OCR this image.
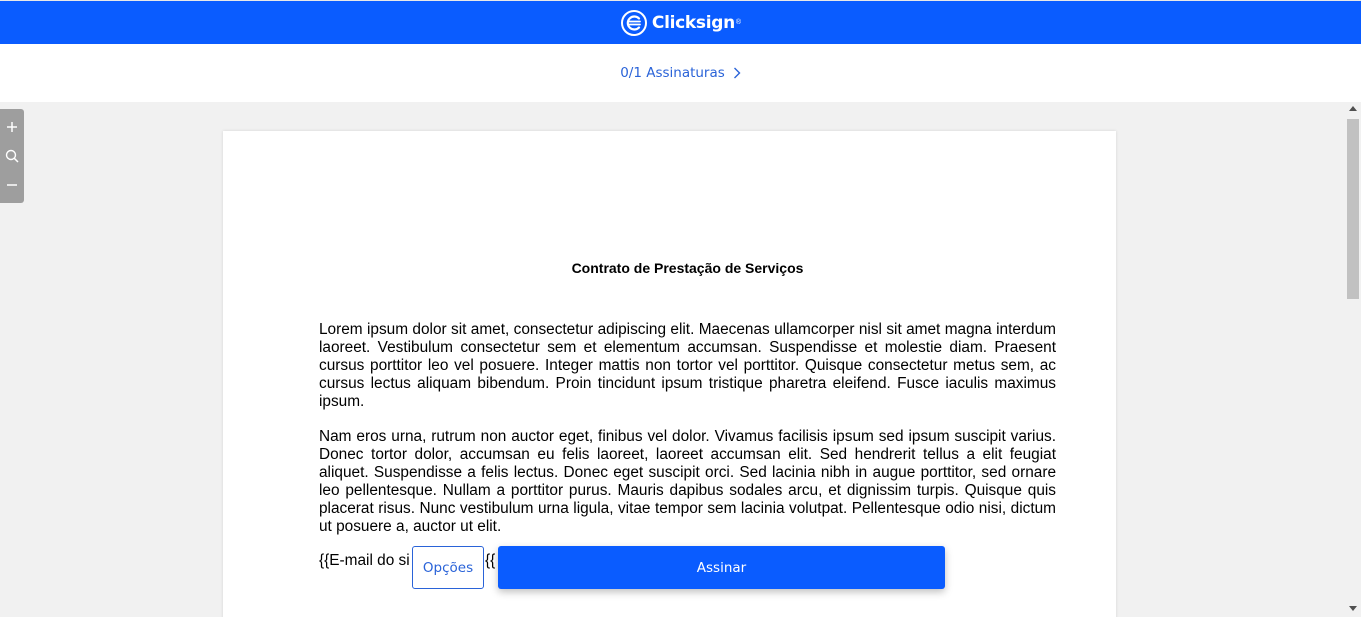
Clicksign ®
0/1 Assinaturas
Contrato de Prestação de Serviços

Lorem ipsum dolor sit amet, consectetur adipiscing elit. Maecenas ullamcorper nisl sit amet magna interdum laoreet. Vestibulum consectetur sem et elementum accumsan. Suspendisse et molestie diam. Praesent cursus porttitor leo vel posuere. Integer mattis non tortor vel porttitor. Quisque consectetur metus sem, ac cursus lectus aliquam bibendum. Proin tincidunt ipsum tristique pharetra eleifend. Fusce iaculis maximus ipsum.

Nam eros urna, rutrum non auctor eget, finibus vel dolor. Vivamus facilisis ipsum sed ipsum suscipit varius. Donec tortor dolor, accumsan eu felis laoreet, laoreet accumsan elit. Sed hendrerit tellus a elit feugiat aliquet. Suspendisse a felis lectus. Donec eget suscipit orci. Sed lacinia nibh in augue porttitor, sed ornare leo pellentesque. Nullam a porttitor purus. Mauris dapibus sodales arcu, et dignissim turpis. Quisque quis placerat risus. Nunc vestibulum urna ligula, vitae tempor sem lacinia volutpat. Pellentesque odio nisi, dictum ut posuere a, auctor ut elit.

{{E-mail do si	{{
Opções	Assinar
